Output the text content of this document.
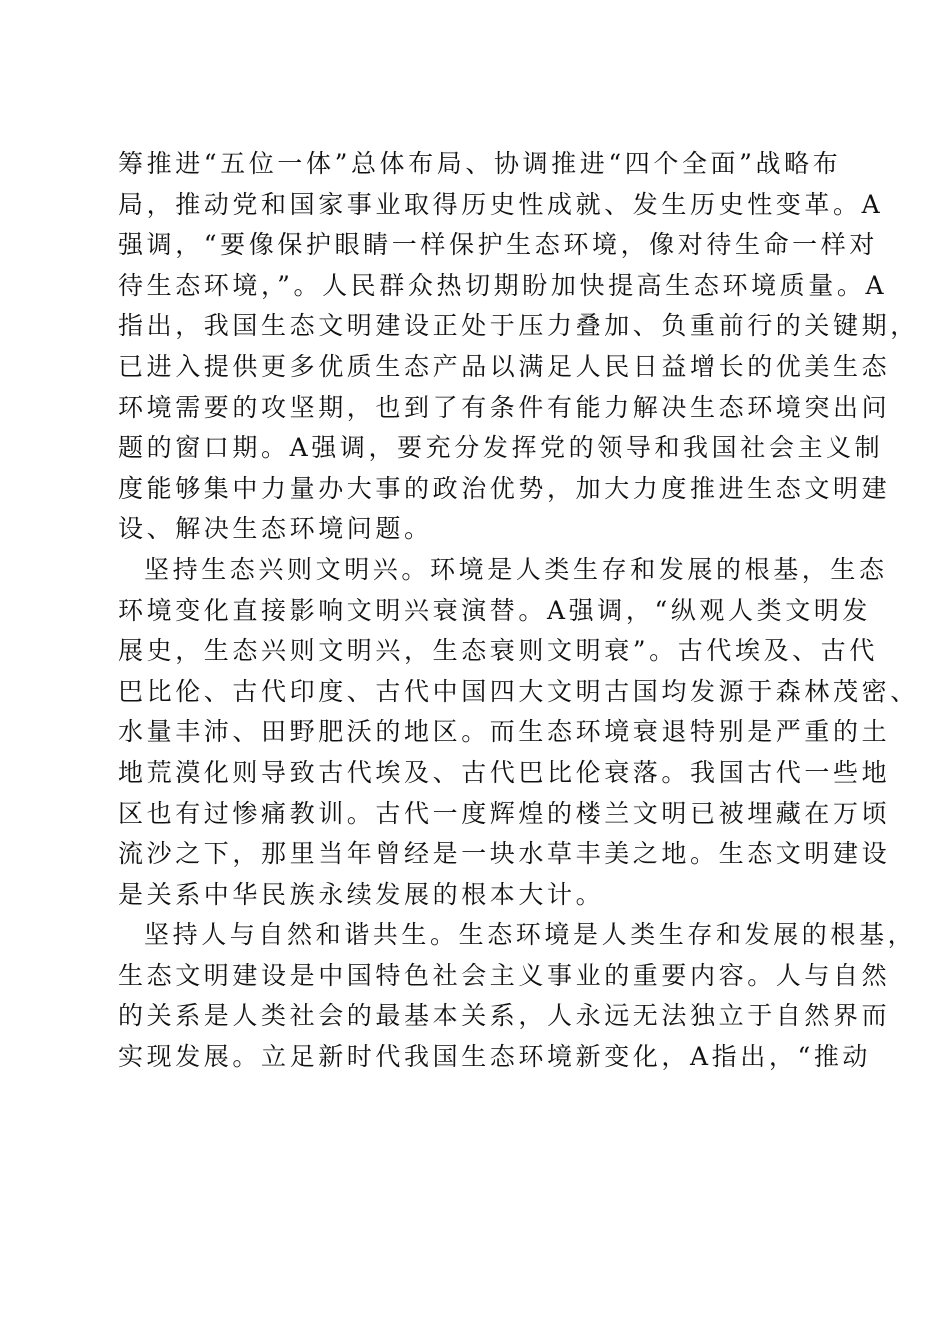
筹推进“五位一体”总体布局、协调推进“四个全面”战略布
局，推动党和国家事业取得历史性成就、发生历史性变革。A
强调，“要像保护眼睛一样保护生态环境，像对待生命一样对
待生态环境，”。人民群众热切期盼加快提高生态环境质量。A
指出，我国生态文明建设正处于压力叠加、负重前行的关键期，
已进入提供更多优质生态产品以满足人民日益增长的优美生态
环境需要的攻坚期，也到了有条件有能力解决生态环境突出问
题的窗口期。A强调，要充分发挥党的领导和我国社会主义制
度能够集中力量办大事的政治优势，加大力度推进生态文明建
设、解决生态环境问题。
坚持生态兴则文明兴。环境是人类生存和发展的根基，生态
环境变化直接影响文明兴衰演替。A强调，“纵观人类文明发
展史，生态兴则文明兴，生态衰则文明衰”。古代埃及、古代
巴比伦、古代印度、古代中国四大文明古国均发源于森林茂密、
水量丰沛、田野肥沃的地区。而生态环境衰退特别是严重的土
地荒漠化则导致古代埃及、古代巴比伦衰落。我国古代一些地
区也有过惨痛教训。古代一度辉煌的楼兰文明已被埋藏在万顷
流沙之下，那里当年曾经是一块水草丰美之地。生态文明建设
是关系中华民族永续发展的根本大计。
坚持人与自然和谐共生。生态环境是人类生存和发展的根基，
生态文明建设是中国特色社会主义事业的重要内容。人与自然
的关系是人类社会的最基本关系，人永远无法独立于自然界而
实现发展。立足新时代我国生态环境新变化，A指出，“推动
